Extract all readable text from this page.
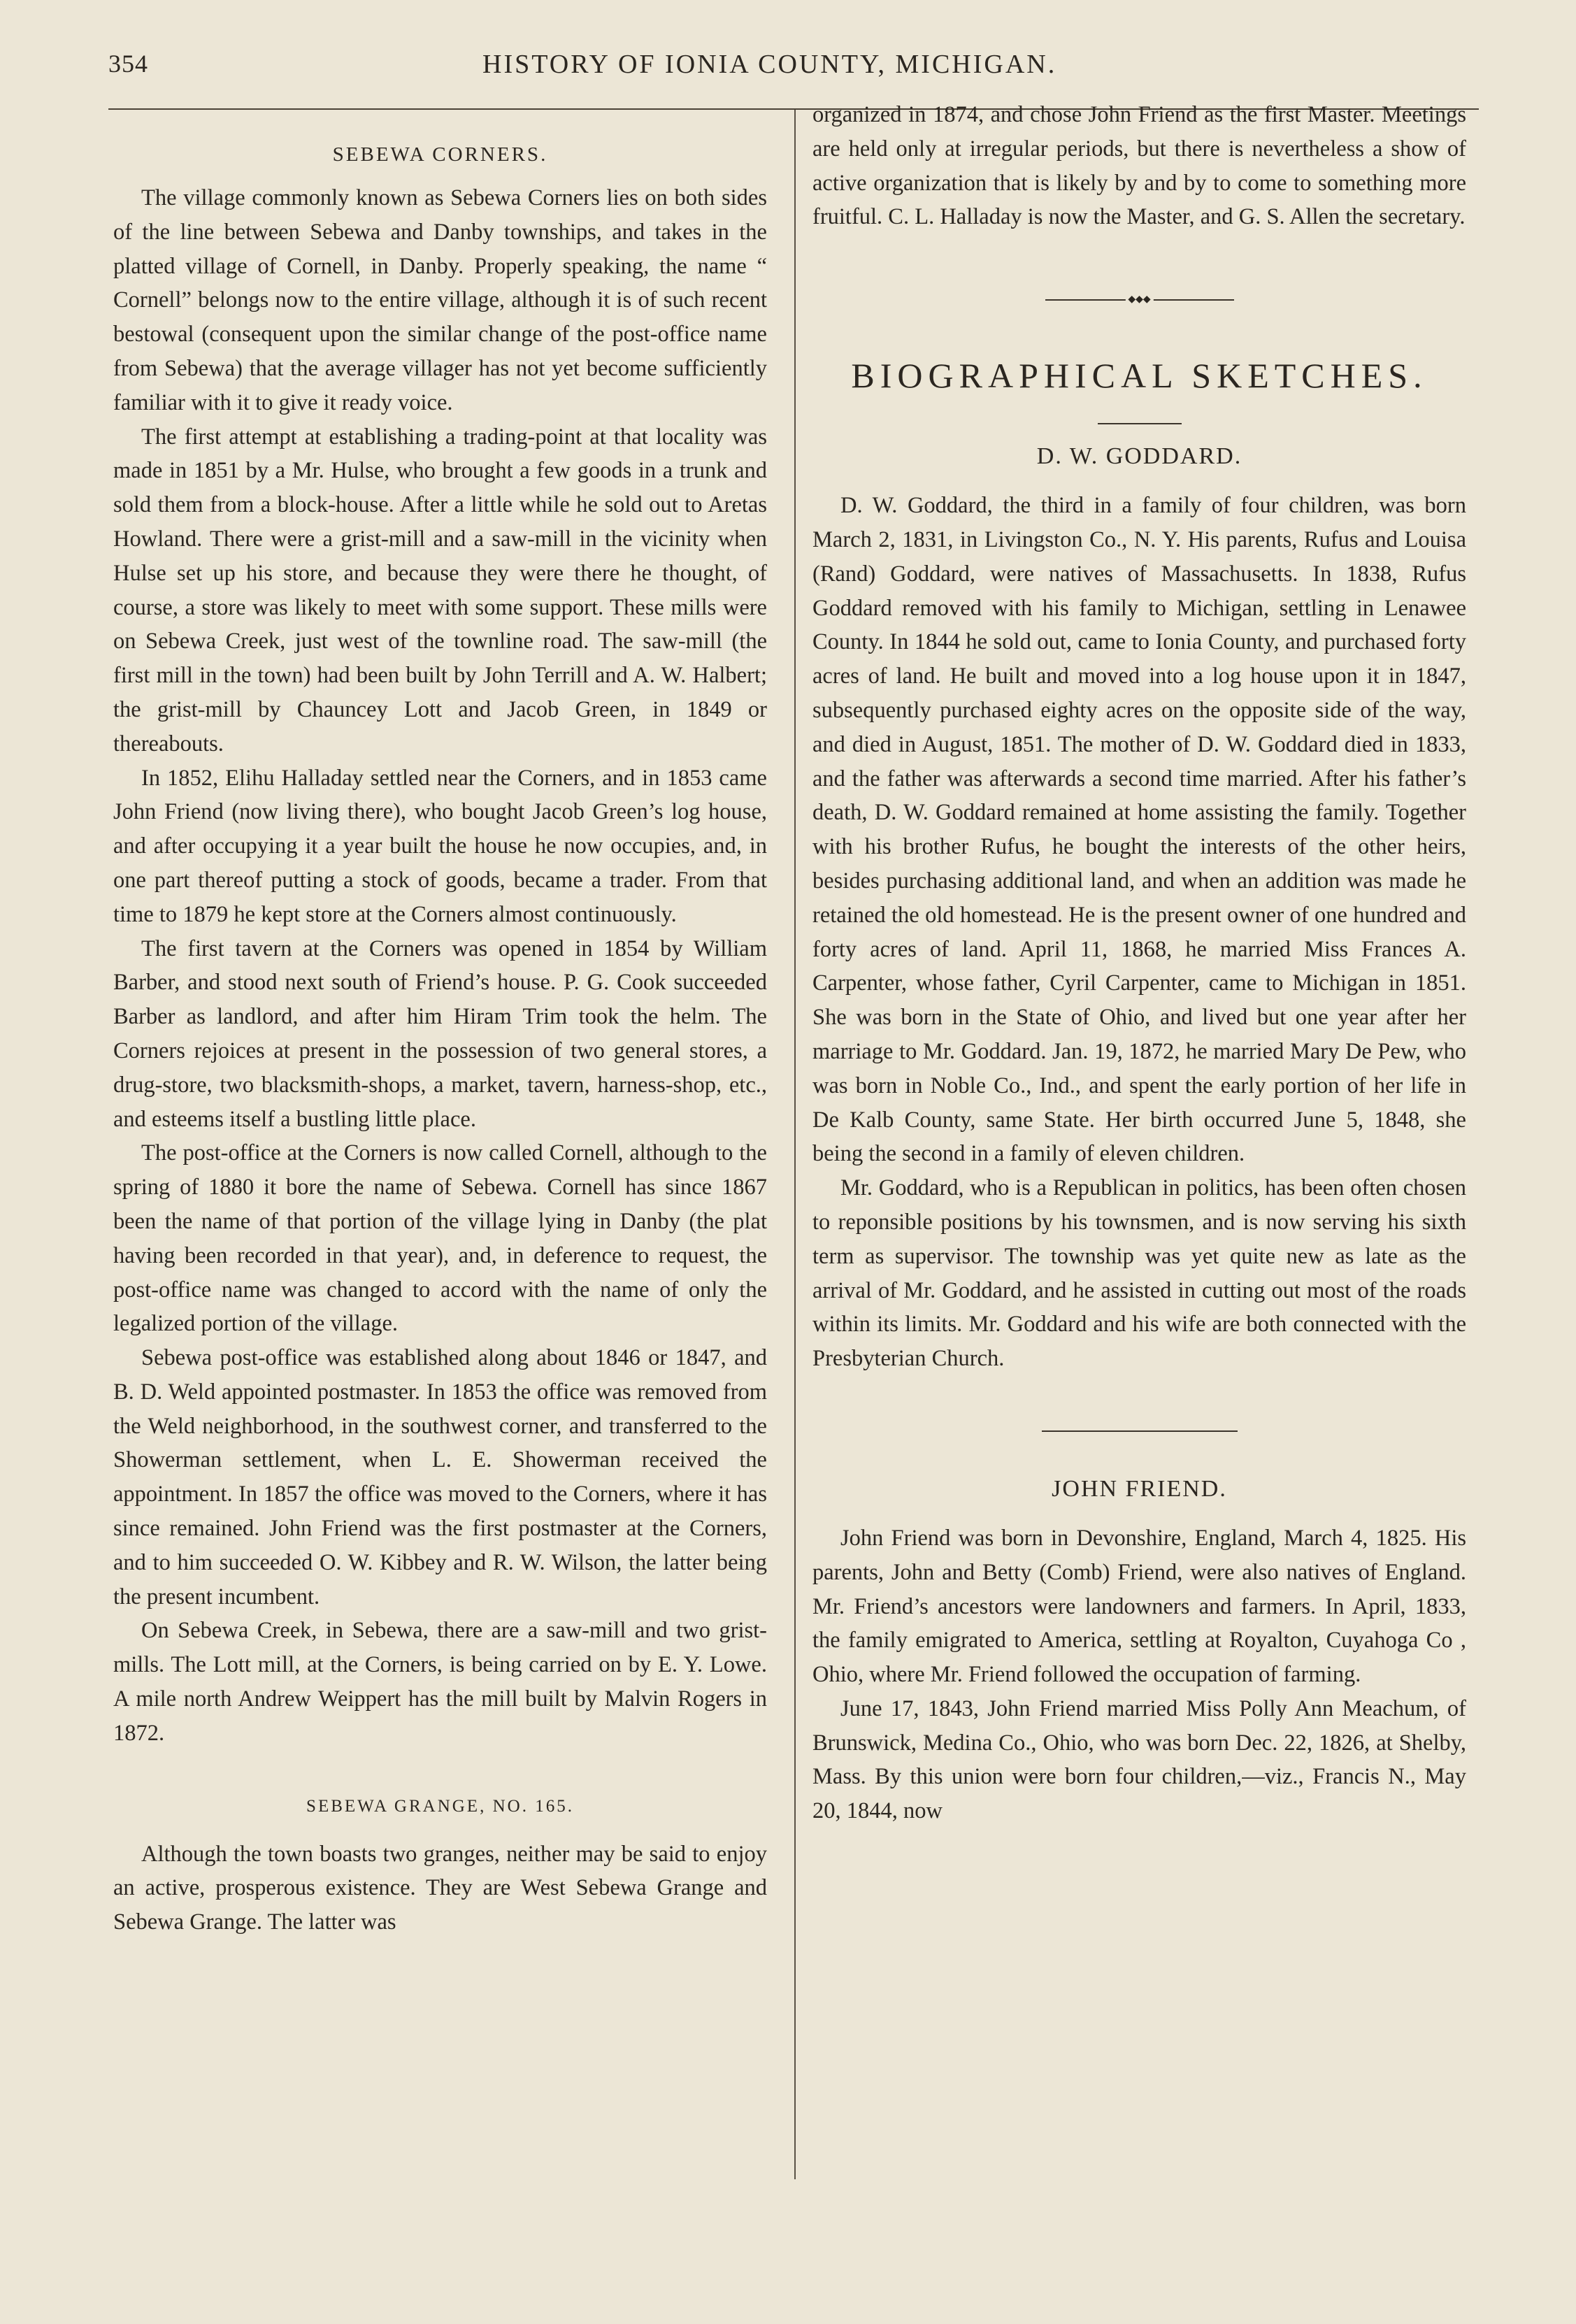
354	HISTORY OF IONIA COUNTY, MICHIGAN.
SEBEWA CORNERS.

The village commonly known as Sebewa Corners lies on both sides of the line between Sebewa and Danby townships, and takes in the platted village of Cornell, in Danby. Properly speaking, the name “ Cornell” belongs now to the entire village, although it is of such recent bestowal (consequent upon the similar change of the post-office name from Sebewa) that the average villager has not yet become sufficiently familiar with it to give it ready voice.

The first attempt at establishing a trading-point at that locality was made in 1851 by a Mr. Hulse, who brought a few goods in a trunk and sold them from a block-house. After a little while he sold out to Aretas Howland. There were a grist-mill and a saw-mill in the vicinity when Hulse set up his store, and because they were there he thought, of course, a store was likely to meet with some support. These mills were on Sebewa Creek, just west of the townline road. The saw-mill (the first mill in the town) had been built by John Terrill and A. W. Halbert; the grist-mill by Chauncey Lott and Jacob Green, in 1849 or thereabouts.

In 1852, Elihu Halladay settled near the Corners, and in 1853 came John Friend (now living there), who bought Jacob Green’s log house, and after occupying it a year built the house he now occupies, and, in one part thereof putting a stock of goods, became a trader. From that time to 1879 he kept store at the Corners almost continuously.

The first tavern at the Corners was opened in 1854 by William Barber, and stood next south of Friend’s house. P. G. Cook succeeded Barber as landlord, and after him Hiram Trim took the helm. The Corners rejoices at present in the possession of two general stores, a drug-store, two blacksmith-shops, a market, tavern, harness-shop, etc., and esteems itself a bustling little place.

The post-office at the Corners is now called Cornell, although to the spring of 1880 it bore the name of Sebewa. Cornell has since 1867 been the name of that portion of the village lying in Danby (the plat having been recorded in that year), and, in deference to request, the post-office name was changed to accord with the name of only the legalized portion of the village.

Sebewa post-office was established along about 1846 or 1847, and B. D. Weld appointed postmaster. In 1853 the office was removed from the Weld neighborhood, in the southwest corner, and transferred to the Showerman settlement, when L. E. Showerman received the appointment. In 1857 the office was moved to the Corners, where it has since remained. John Friend was the first postmaster at the Corners, and to him succeeded O. W. Kibbey and R. W. Wilson, the latter being the present incumbent.

On Sebewa Creek, in Sebewa, there are a saw-mill and two grist-mills. The Lott mill, at the Corners, is being carried on by E. Y. Lowe. A mile north Andrew Weippert has the mill built by Malvin Rogers in 1872.

SEBEWA GRANGE, NO. 165.

Although the town boasts two granges, neither may be said to enjoy an active, prosperous existence. They are West Sebewa Grange and Sebewa Grange. The latter was

organized in 1874, and chose John Friend as the first Master. Meetings are held only at irregular periods, but there is nevertheless a show of active organization that is likely by and by to come to something more fruitful. C. L. Halladay is now the Master, and G. S. Allen the secretary.

◆◆◆
BIOGRAPHICAL SKETCHES.
D. W. GODDARD.

D. W. Goddard, the third in a family of four children, was born March 2, 1831, in Livingston Co., N. Y. His parents, Rufus and Louisa (Rand) Goddard, were natives of Massachusetts. In 1838, Rufus Goddard removed with his family to Michigan, settling in Lenawee County. In 1844 he sold out, came to Ionia County, and purchased forty acres of land. He built and moved into a log house upon it in 1847, subsequently purchased eighty acres on the opposite side of the way, and died in August, 1851. The mother of D. W. Goddard died in 1833, and the father was afterwards a second time married. After his father’s death, D. W. Goddard remained at home assisting the family. Together with his brother Rufus, he bought the interests of the other heirs, besides purchasing additional land, and when an addition was made he retained the old homestead. He is the present owner of one hundred and forty acres of land. April 11, 1868, he married Miss Frances A. Carpenter, whose father, Cyril Carpenter, came to Michigan in 1851. She was born in the State of Ohio, and lived but one year after her marriage to Mr. Goddard. Jan. 19, 1872, he married Mary De Pew, who was born in Noble Co., Ind., and spent the early portion of her life in De Kalb County, same State. Her birth occurred June 5, 1848, she being the second in a family of eleven children.

Mr. Goddard, who is a Republican in politics, has been often chosen to reponsible positions by his townsmen, and is now serving his sixth term as supervisor. The township was yet quite new as late as the arrival of Mr. Goddard, and he assisted in cutting out most of the roads within its limits. Mr. Goddard and his wife are both connected with the Presbyterian Church.

JOHN FRIEND.

John Friend was born in Devonshire, England, March 4, 1825. His parents, John and Betty (Comb) Friend, were also natives of England. Mr. Friend’s ancestors were landowners and farmers. In April, 1833, the family emigrated to America, settling at Royalton, Cuyahoga Co , Ohio, where Mr. Friend followed the occupation of farming.

June 17, 1843, John Friend married Miss Polly Ann Meachum, of Brunswick, Medina Co., Ohio, who was born Dec. 22, 1826, at Shelby, Mass. By this union were born four children,—viz., Francis N., May 20, 1844, now
